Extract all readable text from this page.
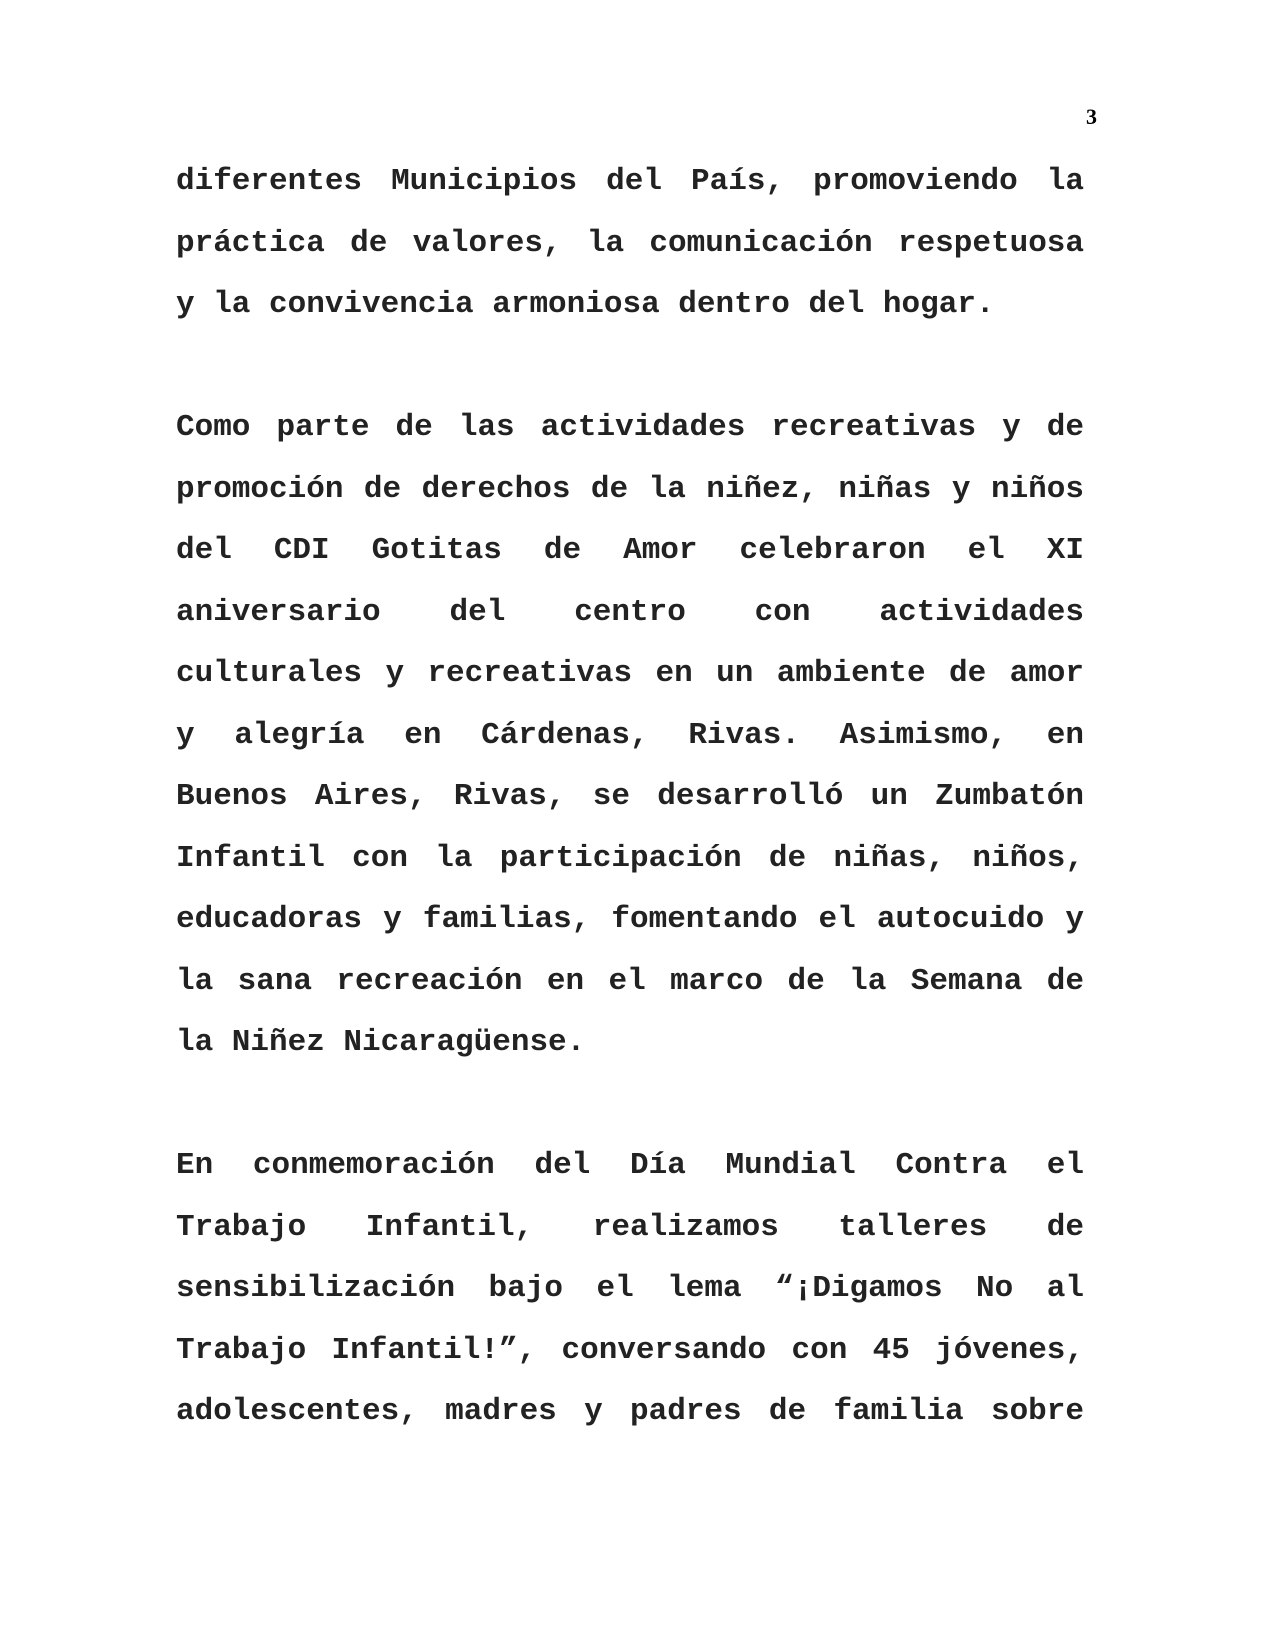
3

diferentes Municipios del País, promoviendo la práctica de valores, la comunicación respetuosa y la convivencia armoniosa dentro del hogar.

Como parte de las actividades recreativas y de promoción de derechos de la niñez, niñas y niños del CDI Gotitas de Amor celebraron el XI aniversario del centro con actividades culturales y recreativas en un ambiente de amor y alegría en Cárdenas, Rivas. Asimismo, en Buenos Aires, Rivas, se desarrolló un Zumbatón Infantil con la participación de niñas, niños, educadoras y familias, fomentando el autocuido y la sana recreación en el marco de la Semana de la Niñez Nicaragüense.

En conmemoración del Día Mundial Contra el Trabajo Infantil, realizamos talleres de sensibilización bajo el lema “¡Digamos No al Trabajo Infantil!”, conversando con 45 jóvenes, adolescentes, madres y padres de familia sobre
